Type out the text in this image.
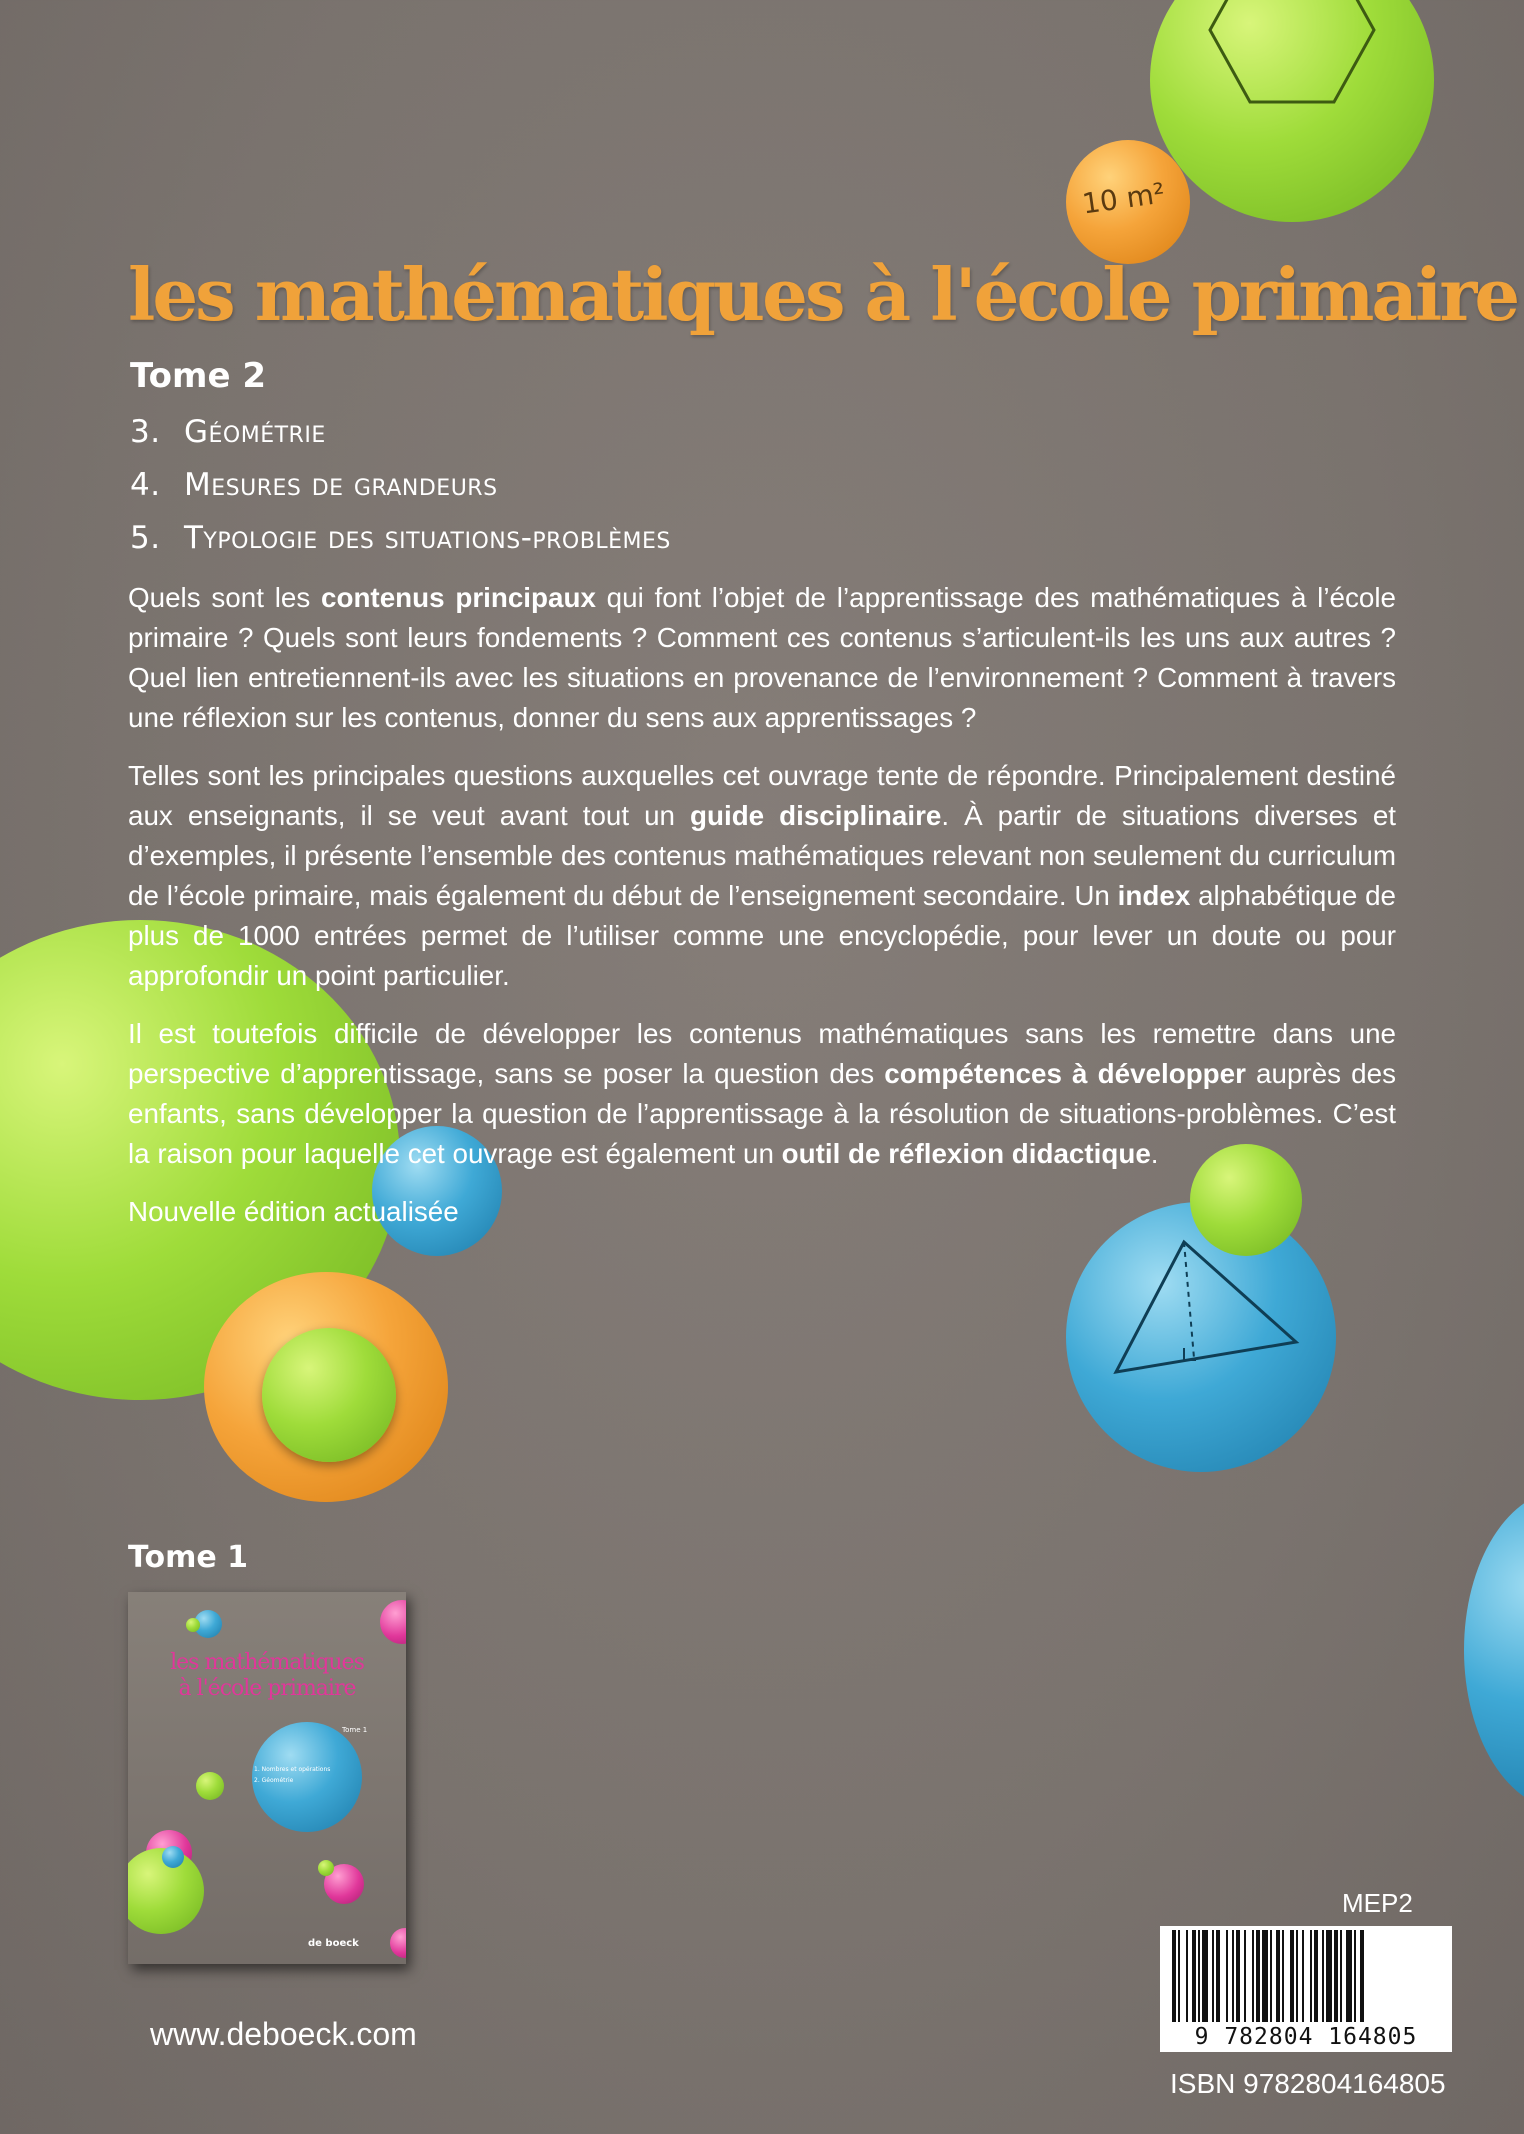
10 m²
les mathématiques à l'école primaire
Tome 2
3. Géométrie
4. Mesures de grandeurs
5. Typologie des situations-problèmes

Quels sont les contenus principaux qui font l’objet de l’apprentissage des mathématiques à l’école primaire ? Quels sont leurs fondements ? Comment ces contenus s’articulent-ils les uns aux autres ? Quel lien entretiennent-ils avec les situations en provenance de l’environnement ? Comment à travers une réflexion sur les contenus, donner du sens aux apprentissages ?

Telles sont les principales questions auxquelles cet ouvrage tente de répondre. Principalement destiné aux enseignants, il se veut avant tout un guide disciplinaire. À partir de situations diverses et d’exemples, il présente l’ensemble des contenus mathématiques relevant non seulement du curriculum de l’école primaire, mais également du début de l’enseignement secondaire. Un index alphabétique de plus de 1000 entrées permet de l’utiliser comme une encyclopédie, pour lever un doute ou pour approfondir un point particulier.

Il est toutefois difficile de développer les contenus mathématiques sans les remettre dans une perspective d’apprentissage, sans se poser la question des compétences à développer auprès des enfants, sans développer la question de l’apprentissage à la résolution de situations-problèmes. C’est la raison pour laquelle cet ouvrage est également un outil de réflexion didactique.

Nouvelle édition actualisée

Tome 1
les mathématiques
à l'école primaire
Tome 1
1. Nombres et opérations
2. Géométrie
de boeck
www.deboeck.com
MEP2
9 782804 164805
ISBN 9782804164805
